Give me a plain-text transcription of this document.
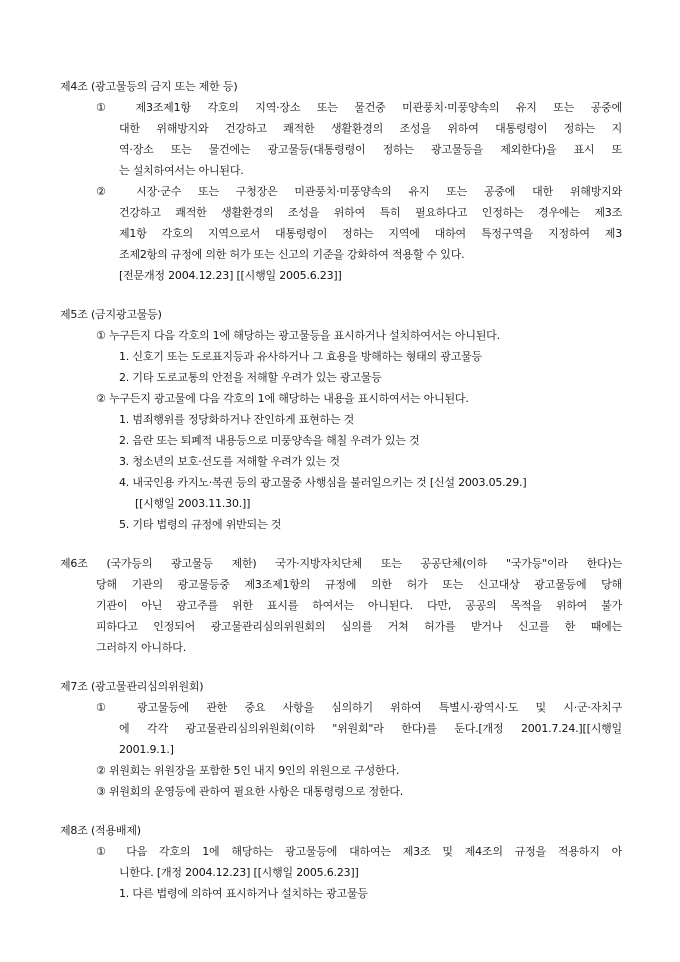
제4조 (광고물등의 금지 또는 제한 등)
① 제3조제1항 각호의 지역·장소 또는 물건중 미관풍치·미풍양속의 유지 또는 공중에
대한 위해방지와 건강하고 쾌적한 생활환경의 조성을 위하여 대통령령이 정하는 지
역·장소 또는 물건에는 광고물등(대통령령이 정하는 광고물등을 제외한다)을 표시 또
는 설치하여서는 아니된다.
② 시장·군수 또는 구청장은 미관풍치·미풍양속의 유지 또는 공중에 대한 위해방지와
건강하고 쾌적한 생활환경의 조성을 위하여 특히 필요하다고 인정하는 경우에는 제3조
제1항 각호의 지역으로서 대통령령이 정하는 지역에 대하여 특정구역을 지정하여 제3
조제2항의 규정에 의한 허가 또는 신고의 기준을 강화하여 적용할 수 있다.
[전문개정 2004.12.23] [[시행일 2005.6.23]]
제5조 (금지광고물등)
① 누구든지 다음 각호의 1에 해당하는 광고물등을 표시하거나 설치하여서는 아니된다.
1. 신호기 또는 도로표지등과 유사하거나 그 효용을 방해하는 형태의 광고물등
2. 기타 도로교통의 안전을 저해할 우려가 있는 광고물등
② 누구든지 광고물에 다음 각호의 1에 해당하는 내용을 표시하여서는 아니된다.
1. 범죄행위를 정당화하거나 잔인하게 표현하는 것
2. 음란 또는 퇴폐적 내용등으로 미풍양속을 해칠 우려가 있는 것
3. 청소년의 보호·선도를 저해할 우려가 있는 것
4. 내국인용 카지노·복권 등의 광고물중 사행심을 불러일으키는 것 [신설 2003.05.29.]
[[시행일 2003.11.30.]]
5. 기타 법령의 규정에 위반되는 것
제6조 (국가등의 광고물등 제한) 국가·지방자치단체 또는 공공단체(이하 "국가등"이라 한다)는
당해 기관의 광고물등중 제3조제1항의 규정에 의한 허가 또는 신고대상 광고물등에 당해
기관이 아닌 광고주를 위한 표시를 하여서는 아니된다. 다만, 공공의 목적을 위하여 불가
피하다고 인정되어 광고물관리심의위원회의 심의를 거쳐 허가를 받거나 신고를 한 때에는
그러하지 아니하다.
제7조 (광고물관리심의위원회)
① 광고물등에 관한 중요 사항을 심의하기 위하여 특별시·광역시·도 및 시·군·자치구
에 각각 광고물관리심의위원회(이하 "위원회"라 한다)를 둔다.[개정 2001.7.24.][[시행일
2001.9.1.]
② 위원회는 위원장을 포함한 5인 내지 9인의 위원으로 구성한다.
③ 위원회의 운영등에 관하여 필요한 사항은 대통령령으로 정한다.
제8조 (적용배제)
① 다음 각호의 1에 해당하는 광고물등에 대하여는 제3조 및 제4조의 규정을 적용하지 아
니한다. [개정 2004.12.23] [[시행일 2005.6.23]]
1. 다른 법령에 의하여 표시하거나 설치하는 광고물등
